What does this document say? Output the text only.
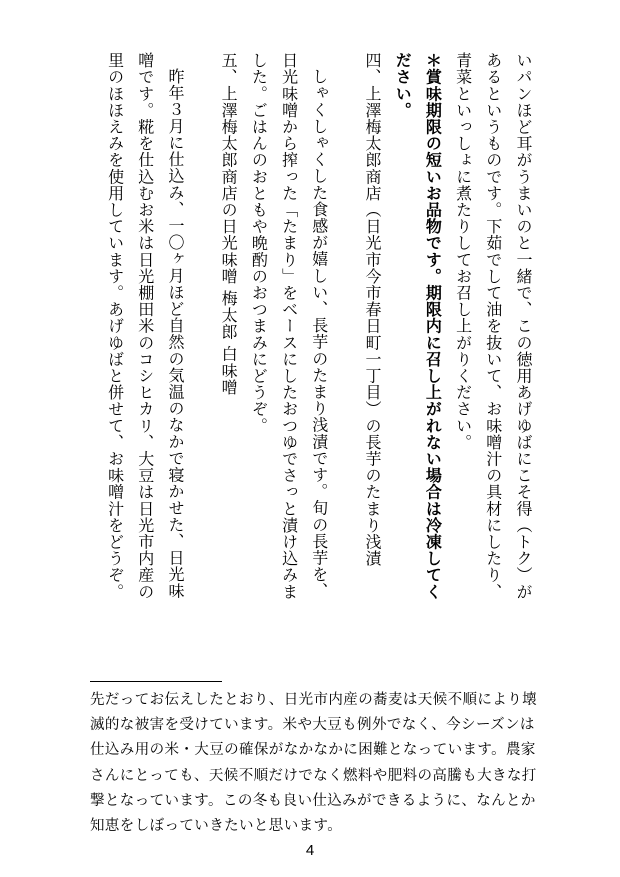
いパンほど耳がうまいのと一緒で、この徳用あげゆばにこそ得（トク）が
あるというものです。下茹でして油を抜いて、お味噌汁の具材にしたり、
青菜といっしょに煮たりしてお召し上がりください。
＊賞味期限の短いお品物です。期限内に召し上がれない場合は冷凍してく
ださい。
四、上澤梅太郎商店（日光市今市春日町一丁目）の長芋のたまり浅漬
しゃくしゃくした食感が嬉しい、長芋のたまり浅漬です。旬の長芋を、
日光味噌から搾った「たまり」をベースにしたおつゆでさっと漬け込みま
した。ごはんのおともや晩酌のおつまみにどうぞ。
五、上澤梅太郎商店の日光味噌 梅太郎 白味噌
昨年３月に仕込み、一〇ヶ月ほど自然の気温のなかで寝かせた、日光味
噌です。糀を仕込むお米は日光棚田米のコシヒカリ、大豆は日光市内産の
里のほほえみを使用しています。あげゆばと併せて、お味噌汁をどうぞ。
先だってお伝えしたとおり、日光市内産の蕎麦は天候不順により壊
滅的な被害を受けています。米や大豆も例外でなく、今シーズンは
仕込み用の米・大豆の確保がなかなかに困難となっています。農家
さんにとっても、天候不順だけでなく燃料や肥料の高騰も大きな打
撃となっています。この冬も良い仕込みができるように、なんとか
知恵をしぼっていきたいと思います。
4
